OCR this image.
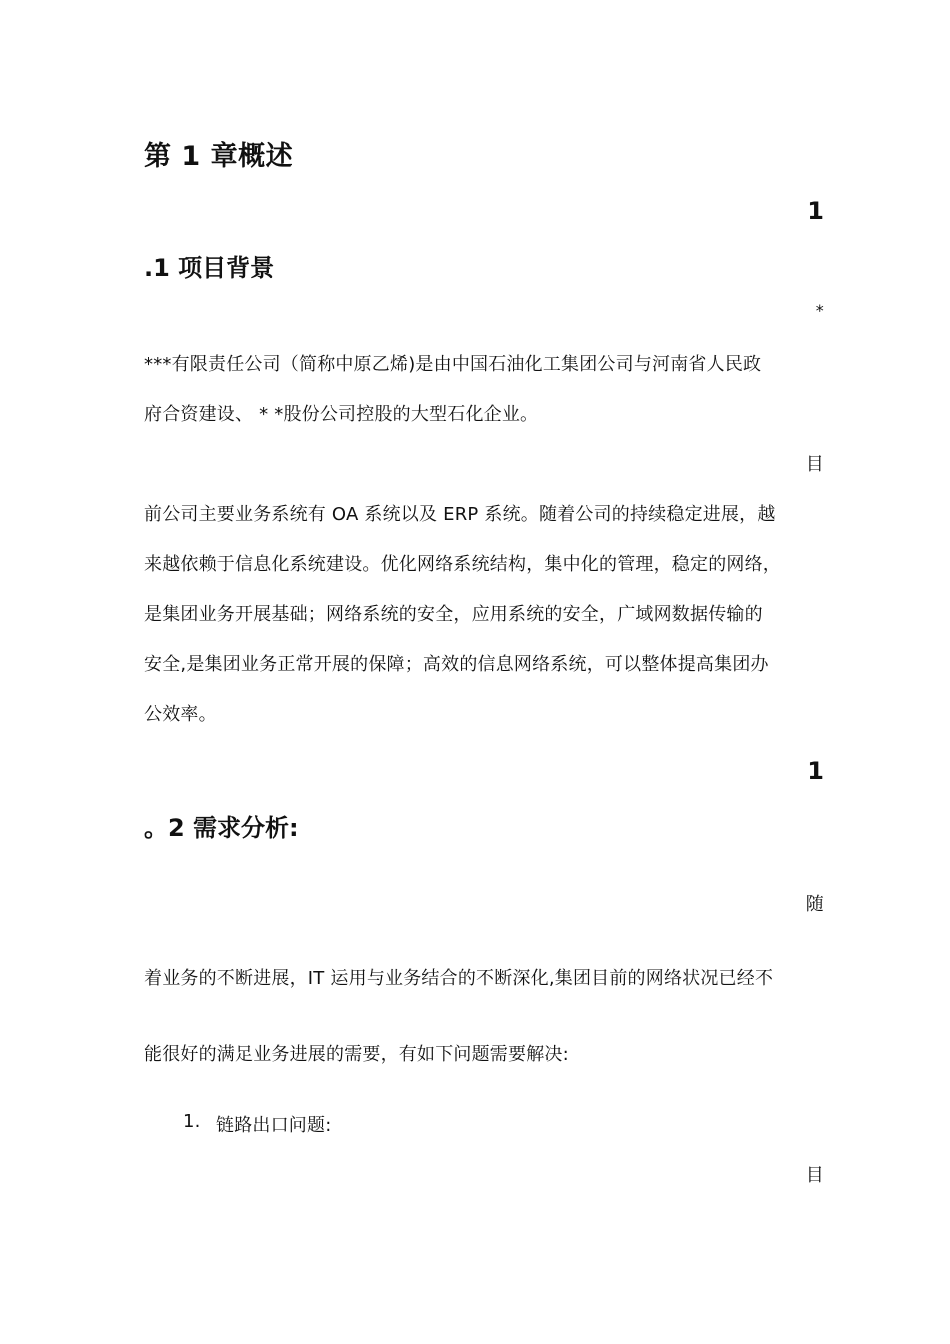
第 1 章概述
1
.1 项目背景
*
***有限责任公司（简称中原乙烯)是由中国石油化工集团公司与河南省人民政
府合资建设、 * *股份公司控股的大型石化企业。
目
前公司主要业务系统有 OA 系统以及 ERP 系统。随着公司的持续稳定进展，越
来越依赖于信息化系统建设。优化网络系统结构，集中化的管理，稳定的网络，
是集团业务开展基础；网络系统的安全，应用系统的安全，广域网数据传输的
安全,是集团业务正常开展的保障；高效的信息网络系统，可以整体提高集团办
公效率。
1
。2 需求分析:
随
着业务的不断进展，IT 运用与业务结合的不断深化,集团目前的网络状况已经不
能很好的满足业务进展的需要，有如下问题需要解决:
1. 链路出口问题:
目
